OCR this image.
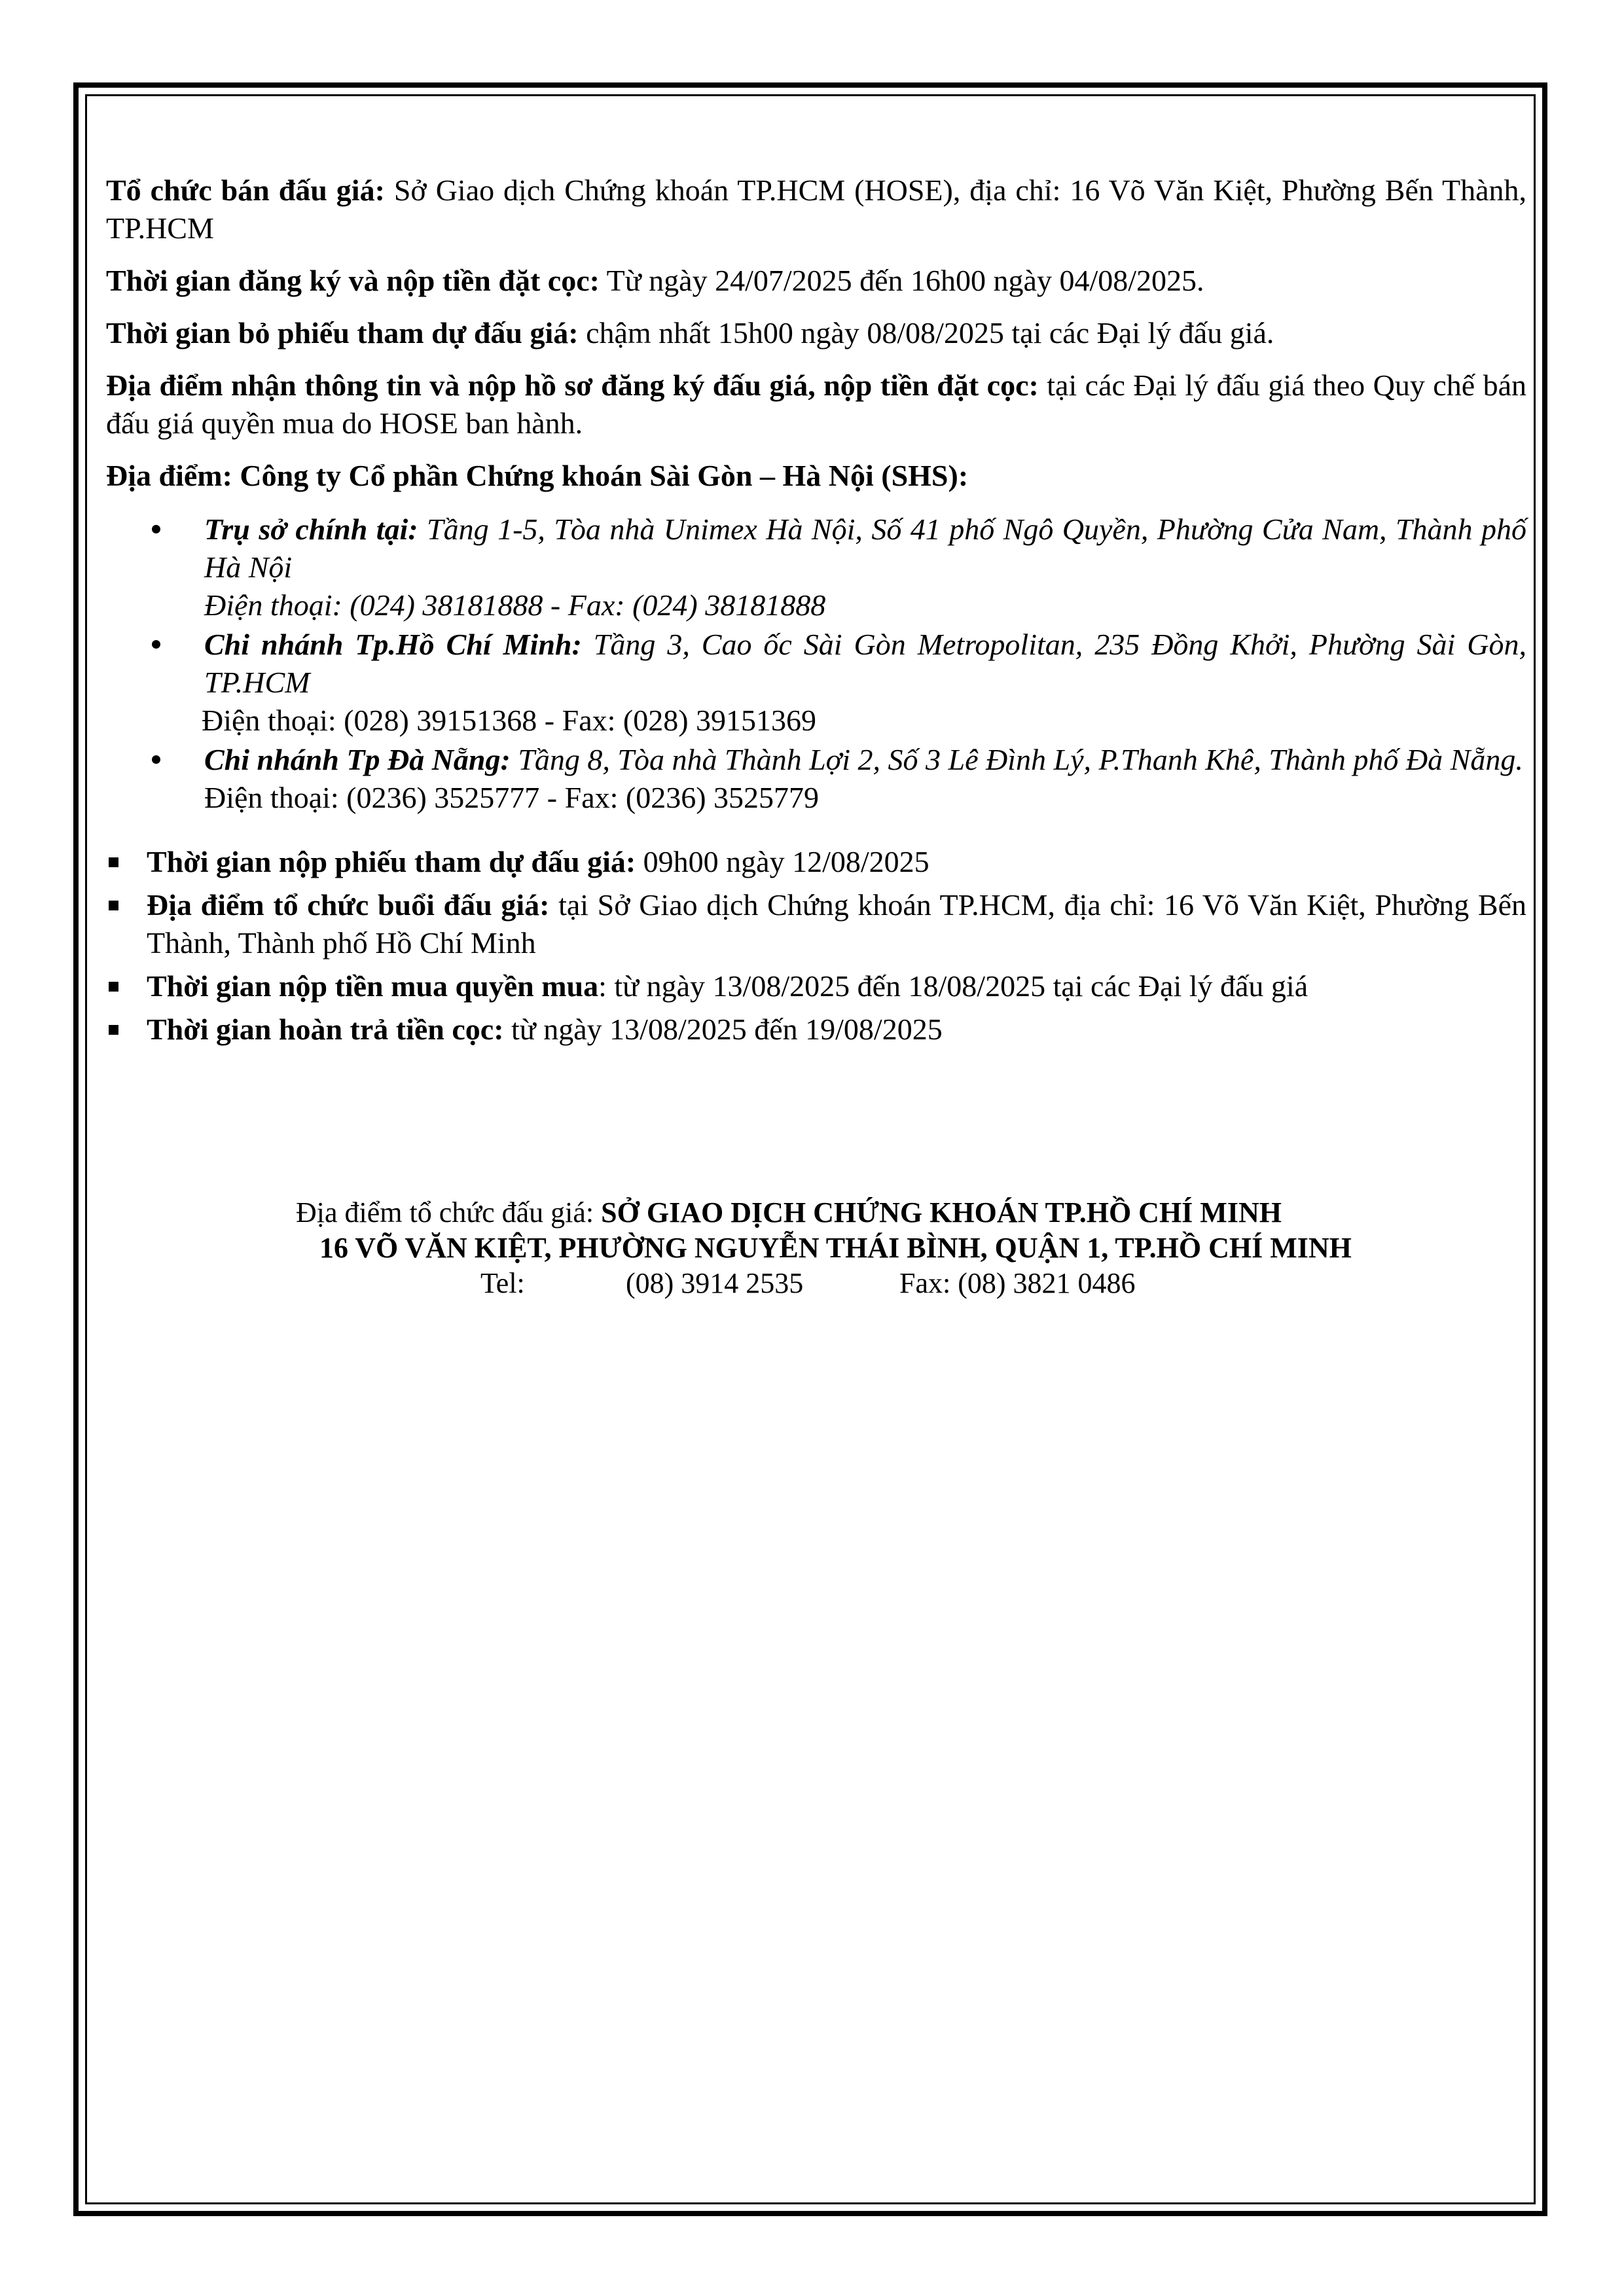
Tổ chức bán đấu giá: Sở Giao dịch Chứng khoán TP.HCM (HOSE), địa chỉ: 16 Võ Văn Kiệt, Phường Bến Thành, TP.HCM

Thời gian đăng ký và nộp tiền đặt cọc: Từ ngày 24/07/2025 đến 16h00 ngày 04/08/2025.

Thời gian bỏ phiếu tham dự đấu giá: chậm nhất 15h00 ngày 08/08/2025 tại các Đại lý đấu giá.

Địa điểm nhận thông tin và nộp hồ sơ đăng ký đấu giá, nộp tiền đặt cọc: tại các Đại lý đấu giá theo Quy chế bán đấu giá quyền mua do HOSE ban hành.

Địa điểm: Công ty Cổ phần Chứng khoán Sài Gòn – Hà Nội (SHS):

Trụ sở chính tại: Tầng 1-5, Tòa nhà Unimex Hà Nội, Số 41 phố Ngô Quyền, Phường Cửa Nam, Thành phố Hà Nội
Điện thoại: (024) 38181888 - Fax: (024) 38181888
Chi nhánh Tp.Hồ Chí Minh: Tầng 3, Cao ốc Sài Gòn Metropolitan, 235 Đồng Khởi, Phường Sài Gòn, TP.HCM
Điện thoại: (028) 39151368 - Fax: (028) 39151369
Chi nhánh Tp Đà Nẵng: Tầng 8, Tòa nhà Thành Lợi 2, Số 3 Lê Đình Lý, P.Thanh Khê, Thành phố Đà Nẵng.
Điện thoại: (0236) 3525777 - Fax: (0236) 3525779
Thời gian nộp phiếu tham dự đấu giá: 09h00 ngày 12/08/2025
Địa điểm tổ chức buổi đấu giá: tại Sở Giao dịch Chứng khoán TP.HCM, địa chỉ: 16 Võ Văn Kiệt, Phường Bến Thành, Thành phố Hồ Chí Minh
Thời gian nộp tiền mua quyền mua: từ ngày 13/08/2025 đến 18/08/2025 tại các Đại lý đấu giá
Thời gian hoàn trả tiền cọc: từ ngày 13/08/2025 đến 19/08/2025
Địa điểm tổ chức đấu giá: SỞ GIAO DỊCH CHỨNG KHOÁN TP.HỒ CHÍ MINH
16 VÕ VĂN KIỆT, PHƯỜNG NGUYỄN THÁI BÌNH, QUẬN 1, TP.HỒ CHÍ MINH
Tel:	(08) 3914 2535	Fax: (08) 3821 0486
